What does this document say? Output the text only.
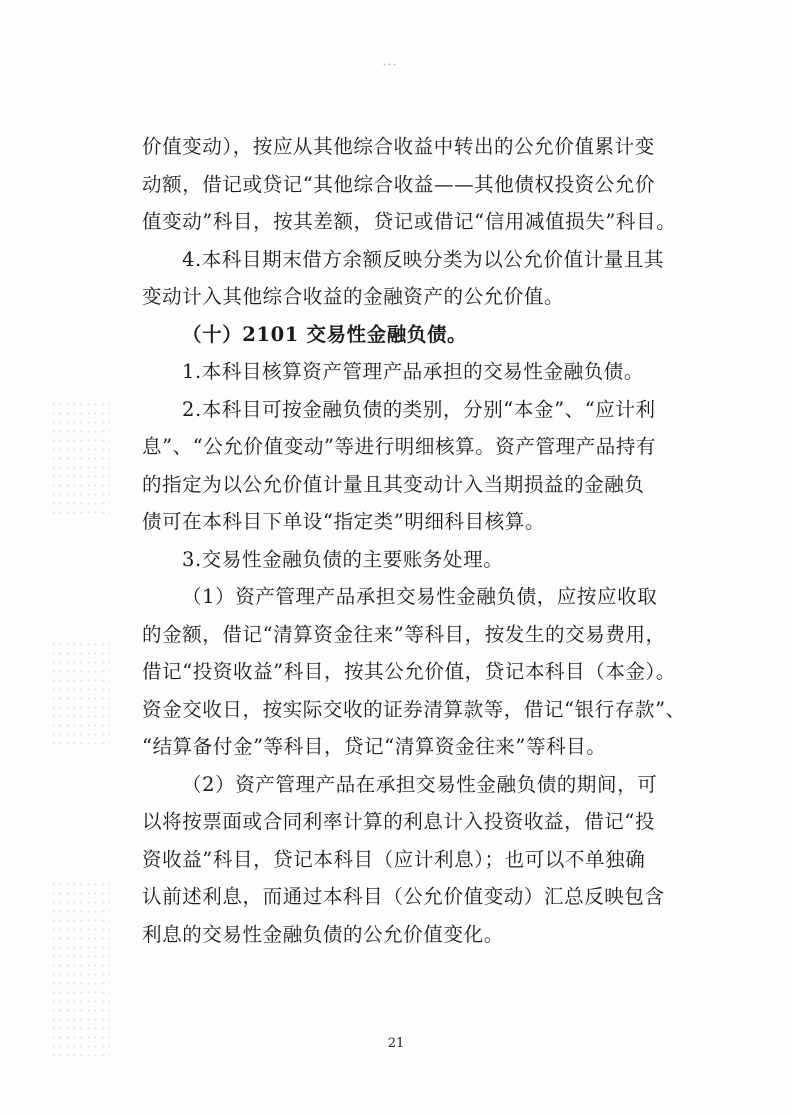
价值变动），按应从其他综合收益中转出的公允价值累计变
动额，借记或贷记“其他综合收益——其他债权投资公允价
值变动”科目，按其差额，贷记或借记“信用减值损失”科目。
4.本科目期末借方余额反映分类为以公允价值计量且其
变动计入其他综合收益的金融资产的公允价值。
（十）2101 交易性金融负债。
1.本科目核算资产管理产品承担的交易性金融负债。
2.本科目可按金融负债的类别，分别“本金”、“应计利
息”、“公允价值变动”等进行明细核算。资产管理产品持有
的指定为以公允价值计量且其变动计入当期损益的金融负
债可在本科目下单设“指定类”明细科目核算。
3.交易性金融负债的主要账务处理。
（1）资产管理产品承担交易性金融负债，应按应收取
的金额，借记“清算资金往来”等科目，按发生的交易费用，
借记“投资收益”科目，按其公允价值，贷记本科目（本金）。
资金交收日，按实际交收的证券清算款等，借记“银行存款”、
“结算备付金”等科目，贷记“清算资金往来”等科目。
（2）资产管理产品在承担交易性金融负债的期间，可
以将按票面或合同利率计算的利息计入投资收益，借记“投
资收益”科目，贷记本科目（应计利息）；也可以不单独确
认前述利息，而通过本科目（公允价值变动）汇总反映包含
利息的交易性金融负债的公允价值变化。
21
